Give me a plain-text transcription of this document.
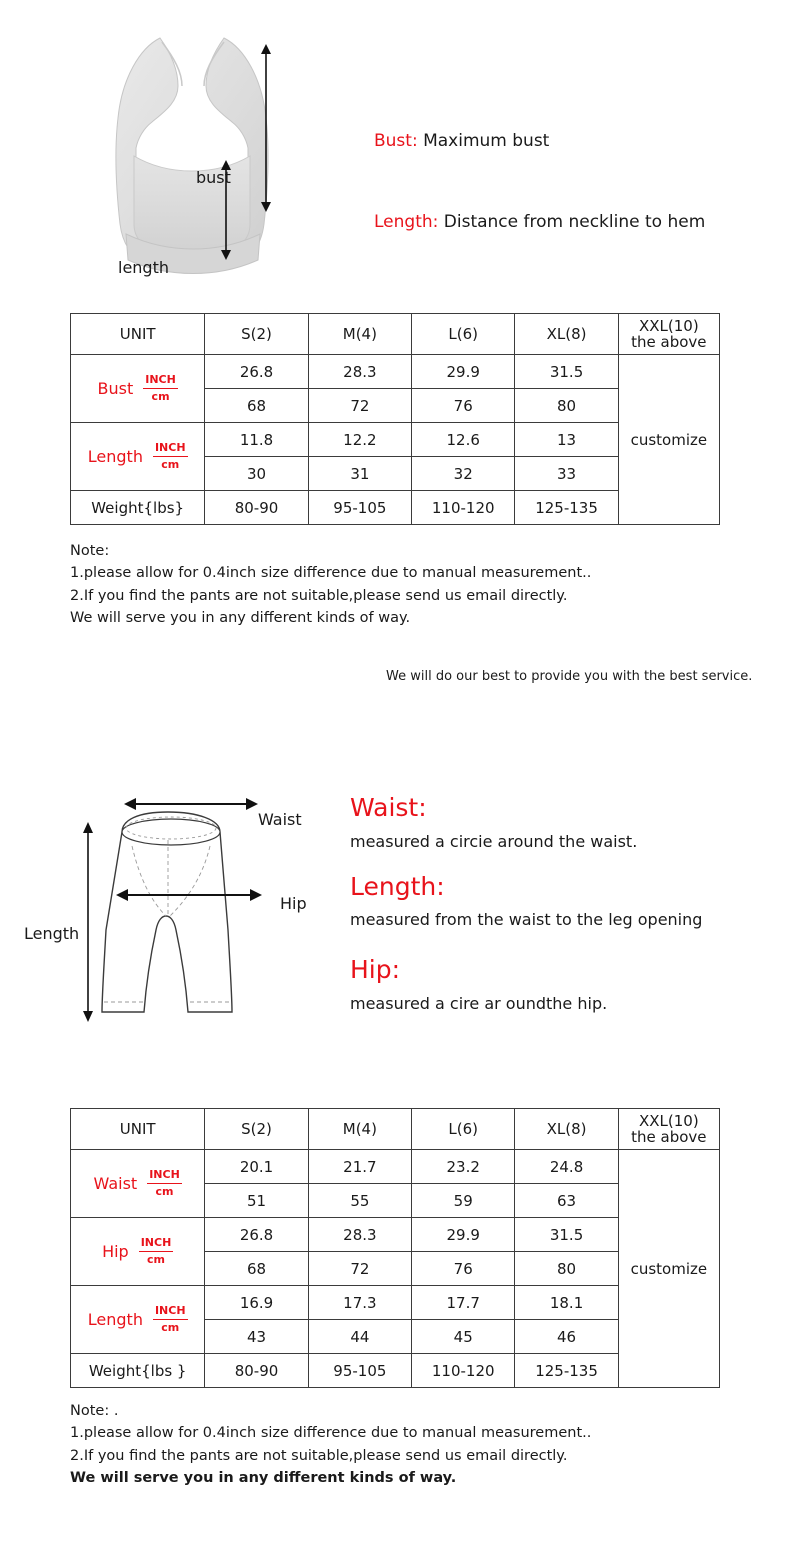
bust
length
Bust: Maximum bust
Length: Distance from neckline to hem
UNIT	S(2)	M(4)	L(6)	XL(8)	XXL(10)
the above

Bust INCH
cm	26.8	28.3	29.9	31.5	customize
	68	72	76	80	

Length INCH
cm	11.8	12.2	12.6	13	
	30	31	32	33	
Weight{lbs}	80-90	95-105	110-120	125-135	
Note:
1.please allow for 0.4inch size difference due to manual measurement..
2.If you find the pants are not suitable,please send us email directly.
We will serve you in any different kinds of way.
We will do our best to provide you with the best service.
Waist
Hip
Length
Waist:
measured a circie around the waist.
Length:
measured from the waist to the leg opening
Hip:
measured a cire ar oundthe hip.
UNIT	S(2)	M(4)	L(6)	XL(8)	XXL(10)
the above

Waist INCH
cm	20.1	21.7	23.2	24.8	customize
	51	55	59	63	

Hip INCH
cm	26.8	28.3	29.9	31.5	
	68	72	76	80	

Length INCH
cm	16.9	17.3	17.7	18.1	
	43	44	45	46	
Weight{lbs }	80-90	95-105	110-120	125-135	
Note: .
1.please allow for 0.4inch size difference due to manual measurement..
2.If you find the pants are not suitable,please send us email directly.
We will serve you in any different kinds of way.
